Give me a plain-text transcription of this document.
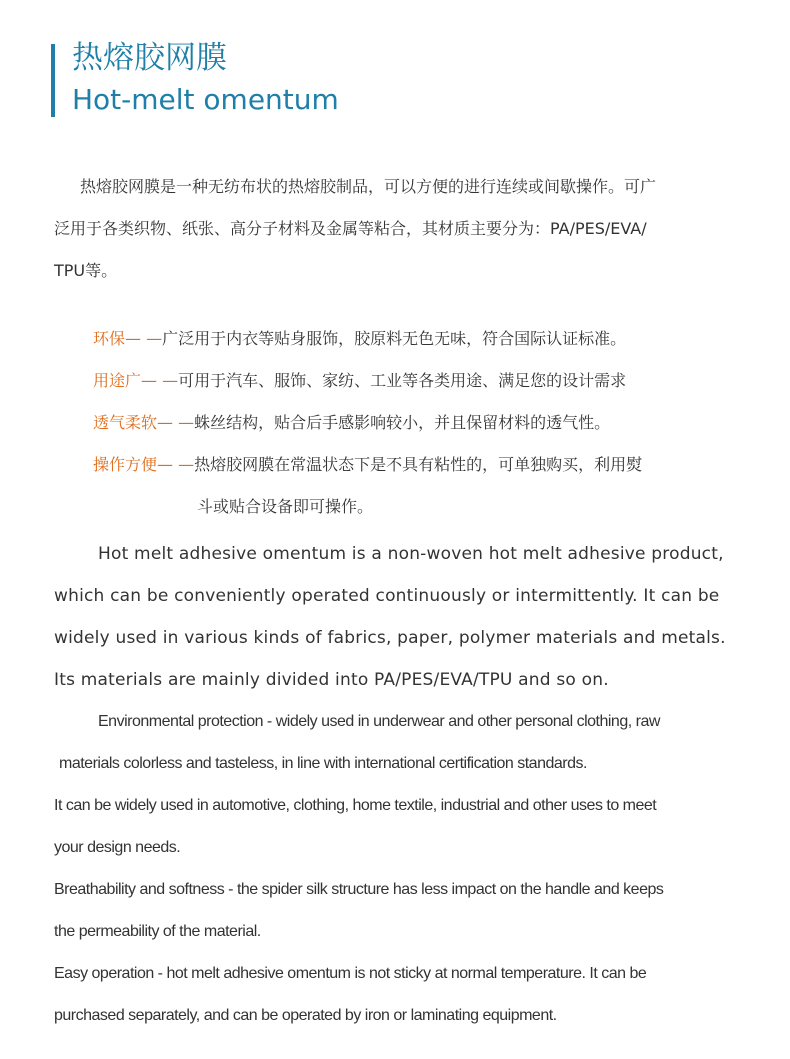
热熔胶网膜
Hot-melt omentum
热熔胶网膜是一种无纺布状的热熔胶制品，可以方便的进行连续或间歇操作。可广
泛用于各类织物、纸张、高分子材料及金属等粘合，其材质主要分为：PA/PES/EVA/
TPU等。
环保— —广泛用于内衣等贴身服饰，胶原料无色无味，符合国际认证标准。
用途广— —可用于汽车、服饰、家纺、工业等各类用途、满足您的设计需求
透气柔软— —蛛丝结构，贴合后手感影响较小，并且保留材料的透气性。
操作方便— —热熔胶网膜在常温状态下是不具有粘性的，可单独购买，利用熨
斗或贴合设备即可操作。
Hot melt adhesive omentum is a non-woven hot melt adhesive product,
which can be conveniently operated continuously or intermittently. It can be
widely used in various kinds of fabrics, paper, polymer materials and metals.
Its materials are mainly divided into PA/PES/EVA/TPU and so on.
Environmental protection - widely used in underwear and other personal clothing, raw
materials colorless and tasteless, in line with international certification standards.
It can be widely used in automotive, clothing, home textile, industrial and other uses to meet
your design needs.
Breathability and softness - the spider silk structure has less impact on the handle and keeps
the permeability of the material.
Easy operation - hot melt adhesive omentum is not sticky at normal temperature. It can be
purchased separately, and can be operated by iron or laminating equipment.
